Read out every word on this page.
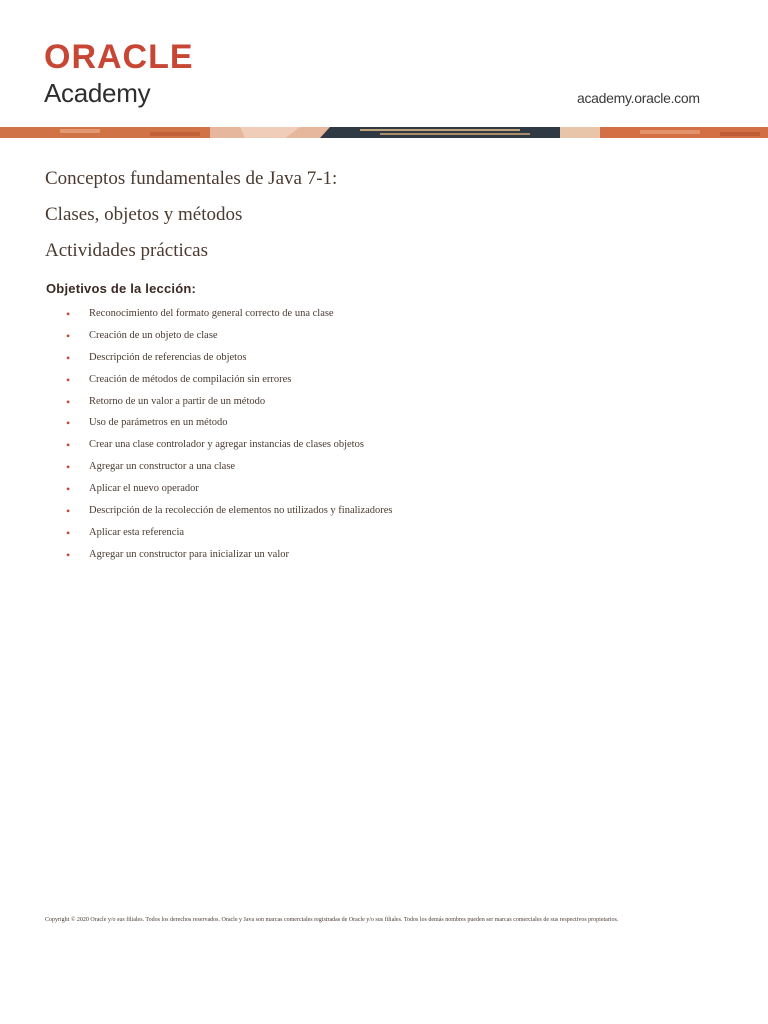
ORACLE
Academy	academy.oracle.com

Conceptos fundamentales de Java 7-1:

Clases, objetos y métodos

Actividades prácticas

Objetivos de la lección:

• Reconocimiento del formato general correcto de una clase
• Creación de un objeto de clase
• Descripción de referencias de objetos
• Creación de métodos de compilación sin errores
• Retorno de un valor a partir de un método
• Uso de parámetros en un método
• Crear una clase controlador y agregar instancias de clases objetos
• Agregar un constructor a una clase
• Aplicar el nuevo operador
• Descripción de la recolección de elementos no utilizados y finalizadores
• Aplicar esta referencia
• Agregar un constructor para inicializar un valor

Copyright © 2020 Oracle y/o sus filiales. Todos los derechos reservados. Oracle y Java son marcas comerciales registradas de Oracle y/o sus filiales. Todos los demás nombres pueden ser marcas comerciales de sus respectivos propietarios.
